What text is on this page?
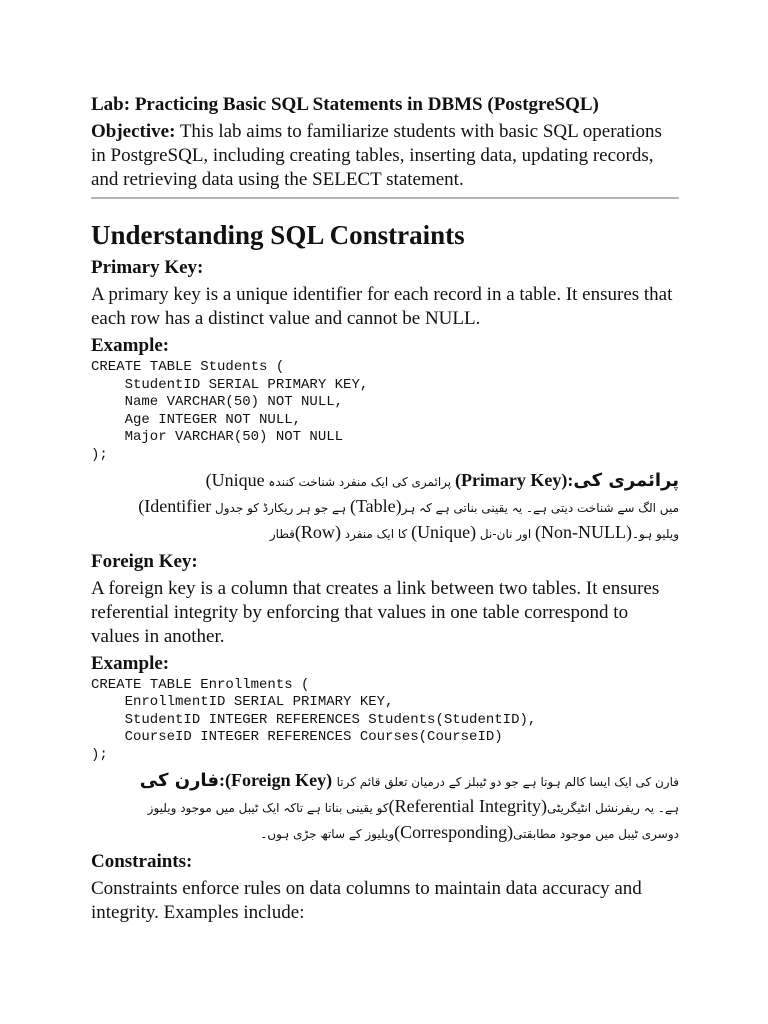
Lab: Practicing Basic SQL Statements in DBMS (PostgreSQL)
Objective: This lab aims to familiarize students with basic SQL operations in PostgreSQL, including creating tables, inserting data, updating records, and retrieving data using the SELECT statement.
Understanding SQL Constraints
Primary Key:
A primary key is a unique identifier for each record in a table. It ensures that each row has a distinct value and cannot be NULL.
Example:
CREATE TABLE Students (
StudentID SERIAL PRIMARY KEY,
Name VARCHAR(50) NOT NULL,
Age INTEGER NOT NULL,
Major VARCHAR(50) NOT NULL
);
(Unique پرائمری کی ایک منفرد شناخت کنندہ (Primary Key):پرائمری کی
میں الگ سے شناخت دیتی ہے۔ یہ یقینی بناتی ہے کہ ہر(Table) ہے جو ہر ریکارڈ کو جدول Identifier)
ویلیو ہو۔(Non-NULL) اور نان-نل (Unique) کا ایک منفرد (Row)قطار
Foreign Key:
A foreign key is a column that creates a link between two tables. It ensures referential integrity by enforcing that values in one table correspond to values in another.
Example:
CREATE TABLE Enrollments (
EnrollmentID SERIAL PRIMARY KEY,
StudentID INTEGER REFERENCES Students(StudentID),
CourseID INTEGER REFERENCES Courses(CourseID)
);
فارن کی ایک ایسا کالم ہوتا ہے جو دو ٹیبلز کے درمیان تعلق قائم کرتا (Foreign Key):فارن کی
ہے۔ یہ ریفرنشل انٹیگریٹی(Referential Integrity)کو یقینی بناتا ہے تاکہ ایک ٹیبل میں موجود ویلیوز
دوسری ٹیبل میں موجود مطابقتی(Corresponding)ویلیوز کے ساتھ جڑی ہوں۔
Constraints:
Constraints enforce rules on data columns to maintain data accuracy and integrity. Examples include:
